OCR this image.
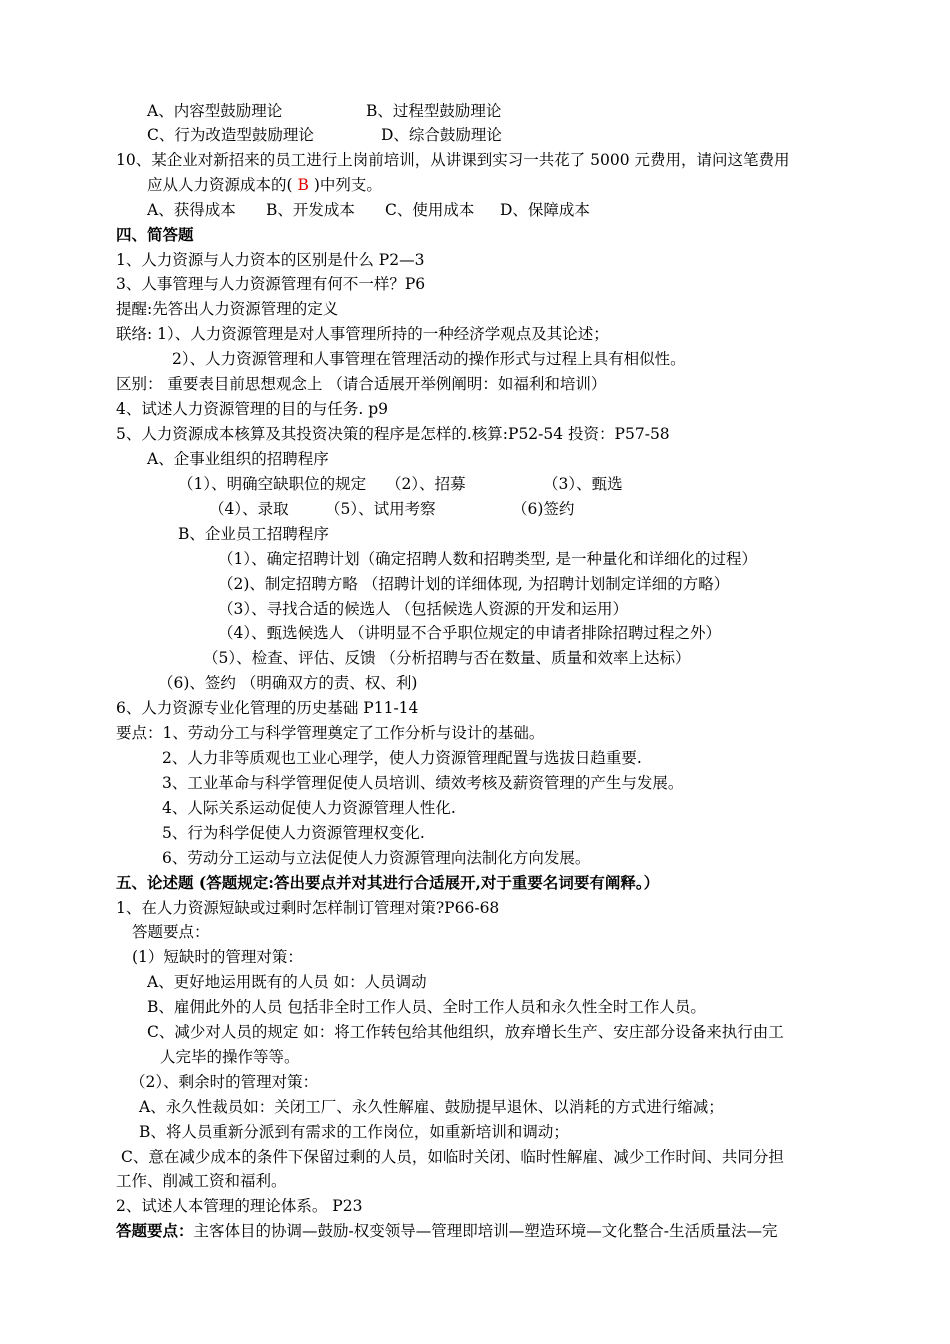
A、内容型鼓励理论	B、过程型鼓励理论
C、行为改造型鼓励理论	D、综合鼓励理论
10、某企业对新招来的员工进行上岗前培训，从讲课到实习一共花了 5000 元费用，请问这笔费用
应从人力资源成本的( B )中列支。
A、获得成本 B、开发成本 C、使用成本 D、保障成本
四、简答题
1、人力资源与人力资本的区别是什么 P2—3
3、人事管理与人力资源管理有何不一样？P6
提醒:先答出人力资源管理的定义
联络: 1）、人力资源管理是对人事管理所持的一种经济学观点及其论述；
2）、人力资源管理和人事管理在管理活动的操作形式与过程上具有相似性。
区别： 重要表目前思想观念上 （请合适展开举例阐明：如福利和培训）
4、试述人力资源管理的目的与任务. p9
5、人力资源成本核算及其投资决策的程序是怎样的.核算:P52-54 投资：P57-58
A、企事业组织的招聘程序
（1）、明确空缺职位的规定 （2）、招募	（3）、甄选
（4）、录取 （5）、试用考察	（6)签约
B、企业员工招聘程序
（1）、确定招聘计划（确定招聘人数和招聘类型, 是一种量化和详细化的过程）
（2)、制定招聘方略 （招聘计划的详细体现, 为招聘计划制定详细的方略）
（3）、寻找合适的候选人 （包括候选人资源的开发和运用）
（4）、甄选候选人 （讲明显不合乎职位规定的申请者排除招聘过程之外）
（5）、检查、评估、反馈 （分析招聘与否在数量、质量和效率上达标）
（6)、签约 （明确双方的责、权、利)
6、人力资源专业化管理的历史基础 P11-14
要点：1、劳动分工与科学管理奠定了工作分析与设计的基础。
2、人力非等质观也工业心理学，使人力资源管理配置与选拔日趋重要.
3、工业革命与科学管理促使人员培训、绩效考核及薪资管理的产生与发展。
4、人际关系运动促使人力资源管理人性化.
5、行为科学促使人力资源管理权变化.
6、劳动分工运动与立法促使人力资源管理向法制化方向发展。
五、论述题 (答题规定:答出要点并对其进行合适展开,对于重要名词要有阐释。）
1、在人力资源短缺或过剩时怎样制订管理对策?P66-68
答题要点：
(1）短缺时的管理对策：
A、更好地运用既有的人员 如：人员调动
B、雇佣此外的人员 包括非全时工作人员、全时工作人员和永久性全时工作人员。
C、减少对人员的规定 如：将工作转包给其他组织，放弃增长生产、安庄部分设备来执行由工
人完毕的操作等等。
（2）、剩余时的管理对策：
A、永久性裁员如：关闭工厂、永久性解雇、鼓励提早退休、以消耗的方式进行缩减；
B、将人员重新分派到有需求的工作岗位，如重新培训和调动；
C、意在减少成本的条件下保留过剩的人员，如临时关闭、临时性解雇、减少工作时间、共同分担
工作、削减工资和福利。
2、试述人本管理的理论体系。 P23
答题要点：主客体目的协调—鼓励-权变领导—管理即培训—塑造环境—文化整合-生活质量法—完
